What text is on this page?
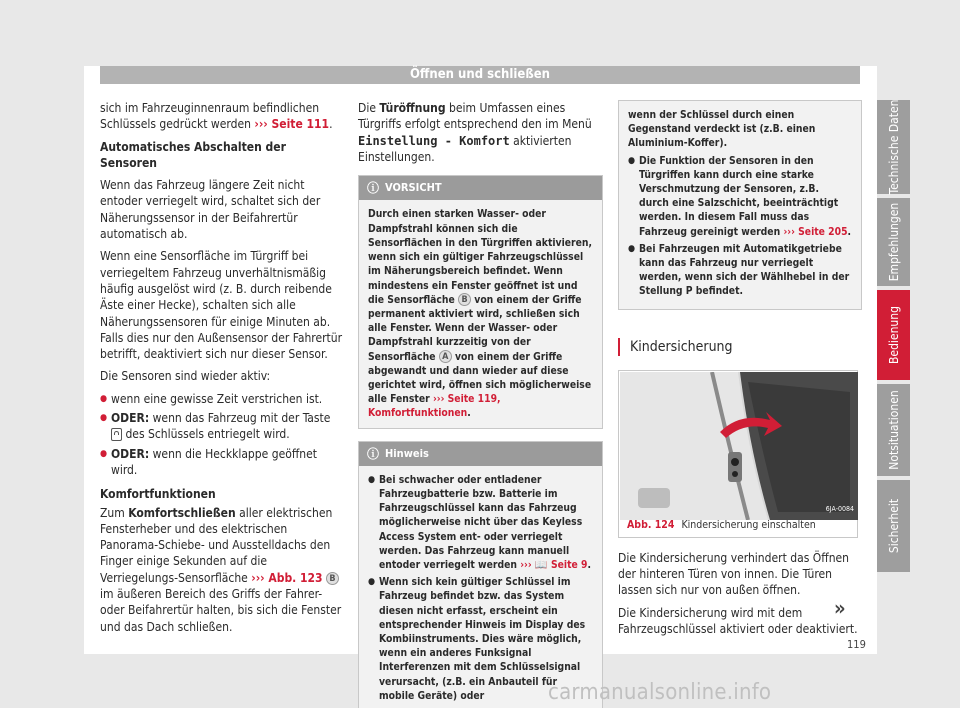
Öffnen und schließen

sich im Fahrzeuginnenraum befindlichen Schlüssels gedrückt werden ››› Seite 111.

Automatisches Abschalten der Sensoren

Wenn das Fahrzeug längere Zeit nicht entoder verriegelt wird, schaltet sich der Näherungssensor in der Beifahrertür automatisch ab.

Wenn eine Sensorfläche im Türgriff bei verriegeltem Fahrzeug unverhältnismäßig häufig ausgelöst wird (z. B. durch reibende Äste einer Hecke), schalten sich alle Näherungssensoren für einige Minuten ab. Falls dies nur den Außensensor der Fahrertür betrifft, deaktiviert sich nur dieser Sensor.

Die Sensoren sind wieder aktiv:

● wenn eine gewisse Zeit verstrichen ist.
● ODER: wenn das Fahrzeug mit der Taste
des Schlüssels entriegelt wird.
● ODER: wenn die Heckklappe geöffnet wird.

Komfortfunktionen

Zum Komfortschließen aller elektrischen Fensterheber und des elektrischen Panorama-Schiebe- und Ausstelldachs den Finger einige Sekunden auf die Verriegelungs-Sensorfläche ››› Abb. 123 B im äußeren Bereich des Griffs der Fahrer- oder Beifahrertür halten, bis sich die Fenster und das Dach schließen.

Die Türöffnung beim Umfassen eines Türgriffs erfolgt entsprechend den im Menü Einstellung - Komfort aktivierten Einstellungen.

ⓘ VORSICHT
Durch einen starken Wasser- oder Dampfstrahl können sich die Sensorflächen in den Türgriffen aktivieren, wenn sich ein gültiger Fahrzeugschlüssel im Näherungsbereich befindet. Wenn mindestens ein Fenster geöffnet ist und die Sensorfläche B von einem der Griffe permanent aktiviert wird, schließen sich alle Fenster. Wenn der Wasser- oder Dampfstrahl kurzzeitig von der Sensorfläche A von einem der Griffe abgewandt und dann wieder auf diese gerichtet wird, öffnen sich möglicherweise alle Fenster ››› Seite 119, Komfortfunktionen.
ⓘ Hinweis
● Bei schwacher oder entladener Fahrzeugbatterie bzw. Batterie im Fahrzeugschlüssel kann das Fahrzeug möglicherweise nicht über das Keyless Access System ent- oder verriegelt werden. Das Fahrzeug kann manuell entoder verriegelt werden ››› 📖 Seite 9.
● Wenn sich kein gültiger Schlüssel im Fahrzeug befindet bzw. das System diesen nicht erfasst, erscheint ein entsprechender Hinweis im Display des Kombiinstruments. Dies wäre möglich, wenn ein anderes Funksignal Interferenzen mit dem Schlüsselsignal verursacht, (z.B. ein Anbauteil für mobile Geräte) oder

wenn der Schlüssel durch einen Gegenstand verdeckt ist (z.B. einen Aluminium-Koffer).

● Die Funktion der Sensoren in den Türgriffen kann durch eine starke Verschmutzung der Sensoren, z.B. durch eine Salzschicht, beeinträchtigt werden. In diesem Fall muss das Fahrzeug gereinigt werden ››› Seite 205.
● Bei Fahrzeugen mit Automatikgetriebe kann das Fahrzeug nur verriegelt werden, wenn sich der Wählhebel in der Stellung P befindet.
Kindersicherung
6JA-0084
Abb. 124 Kindersicherung einschalten

Die Kindersicherung verhindert das Öffnen der hinteren Türen von innen. Die Türen lassen sich nur von außen öffnen.

Die Kindersicherung wird mit dem Fahrzeugschlüssel aktiviert oder deaktiviert.

»
Technische Daten
Empfehlungen
Bedienung
Notsituationen
Sicherheit
119
carmanualsonline.info
